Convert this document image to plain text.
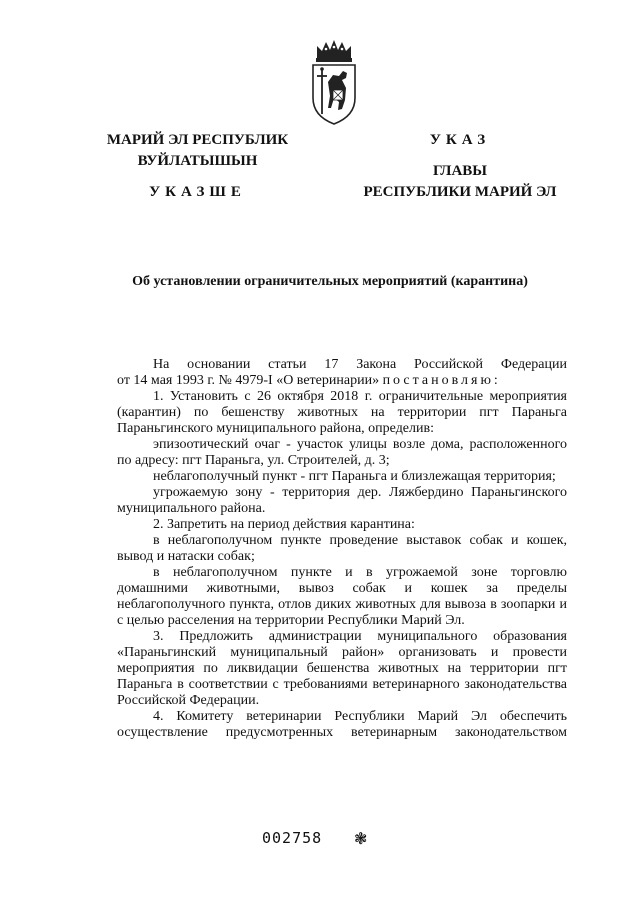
МАРИЙ ЭЛ РЕСПУБЛИК
ВУЙЛАТЫШЫН
УКАЗШЕ
УКАЗ
ГЛАВЫ
РЕСПУБЛИКИ МАРИЙ ЭЛ
Об установлении ограничительных мероприятий (карантина)

На основании статьи 17 Закона Российской Федерации

от 14 мая 1993 г. № 4979-I «О ветеринарии» постановляю:

1. Установить с 26 октября 2018 г. ограничительные мероприятия (карантин) по бешенству животных на территории пгт Параньга Параньгинского муниципального района, определив:

эпизоотический очаг - участок улицы возле дома, расположенного по адресу: пгт Параньга, ул. Строителей, д. 3;

неблагополучный пункт - пгт Параньга и близлежащая территория;

угрожаемую зону - территория дер. Ляжбердино Параньгинского муниципального района.

2. Запретить на период действия карантина:

в неблагополучном пункте проведение выставок собак и кошек, вывод и натаски собак;

в неблагополучном пункте и в угрожаемой зоне торговлю домашними животными, вывоз собак и кошек за пределы неблагополучного пункта, отлов диких животных для вывоза в зоопарки и с целью расселения на территории Республики Марий Эл.

3. Предложить администрации муниципального образования «Параньгинский муниципальный район» организовать и провести мероприятия по ликвидации бешенства животных на территории пгт Параньга в соответствии с требованиями ветеринарного законодательства Российской Федерации.

4. Комитету ветеринарии Республики Марий Эл обеспечить осуществление предусмотренных ветеринарным законодательством

002758 ❃
